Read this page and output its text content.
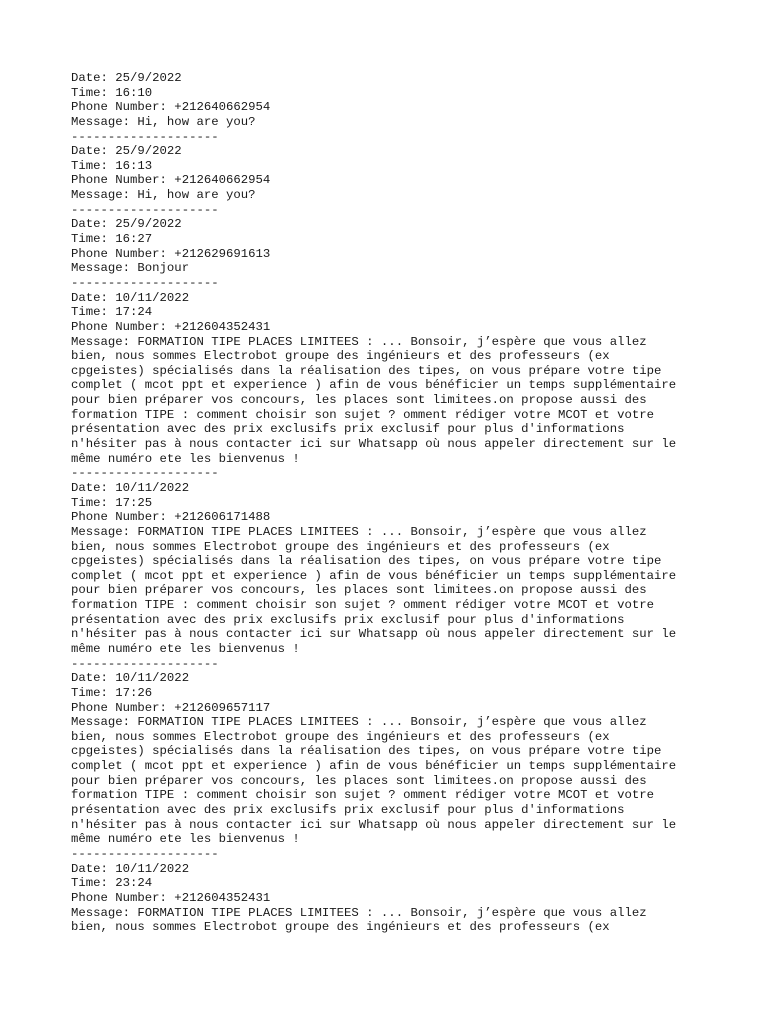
Date: 25/9/2022
Time: 16:10
Phone Number: +212640662954
Message: Hi, how are you?
--------------------
Date: 25/9/2022
Time: 16:13
Phone Number: +212640662954
Message: Hi, how are you?
--------------------
Date: 25/9/2022
Time: 16:27
Phone Number: +212629691613
Message: Bonjour
--------------------
Date: 10/11/2022
Time: 17:24
Phone Number: +212604352431
Message: FORMATION TIPE PLACES LIMITEES : ... Bonsoir, j’espère que vous allez
bien, nous sommes Electrobot groupe des ingénieurs et des professeurs (ex
cpgeistes) spécialisés dans la réalisation des tipes, on vous prépare votre tipe
complet ( mcot ppt et experience ) afin de vous bénéficier un temps supplémentaire
pour bien préparer vos concours, les places sont limitees.on propose aussi des
formation TIPE : comment choisir son sujet ? omment rédiger votre MCOT et votre
présentation avec des prix exclusifs prix exclusif pour plus d'informations
n'hésiter pas à nous contacter ici sur Whatsapp où nous appeler directement sur le
même numéro ete les bienvenus !
--------------------
Date: 10/11/2022
Time: 17:25
Phone Number: +212606171488
Message: FORMATION TIPE PLACES LIMITEES : ... Bonsoir, j’espère que vous allez
bien, nous sommes Electrobot groupe des ingénieurs et des professeurs (ex
cpgeistes) spécialisés dans la réalisation des tipes, on vous prépare votre tipe
complet ( mcot ppt et experience ) afin de vous bénéficier un temps supplémentaire
pour bien préparer vos concours, les places sont limitees.on propose aussi des
formation TIPE : comment choisir son sujet ? omment rédiger votre MCOT et votre
présentation avec des prix exclusifs prix exclusif pour plus d'informations
n'hésiter pas à nous contacter ici sur Whatsapp où nous appeler directement sur le
même numéro ete les bienvenus !
--------------------
Date: 10/11/2022
Time: 17:26
Phone Number: +212609657117
Message: FORMATION TIPE PLACES LIMITEES : ... Bonsoir, j’espère que vous allez
bien, nous sommes Electrobot groupe des ingénieurs et des professeurs (ex
cpgeistes) spécialisés dans la réalisation des tipes, on vous prépare votre tipe
complet ( mcot ppt et experience ) afin de vous bénéficier un temps supplémentaire
pour bien préparer vos concours, les places sont limitees.on propose aussi des
formation TIPE : comment choisir son sujet ? omment rédiger votre MCOT et votre
présentation avec des prix exclusifs prix exclusif pour plus d'informations
n'hésiter pas à nous contacter ici sur Whatsapp où nous appeler directement sur le
même numéro ete les bienvenus !
--------------------
Date: 10/11/2022
Time: 23:24
Phone Number: +212604352431
Message: FORMATION TIPE PLACES LIMITEES : ... Bonsoir, j’espère que vous allez
bien, nous sommes Electrobot groupe des ingénieurs et des professeurs (ex
